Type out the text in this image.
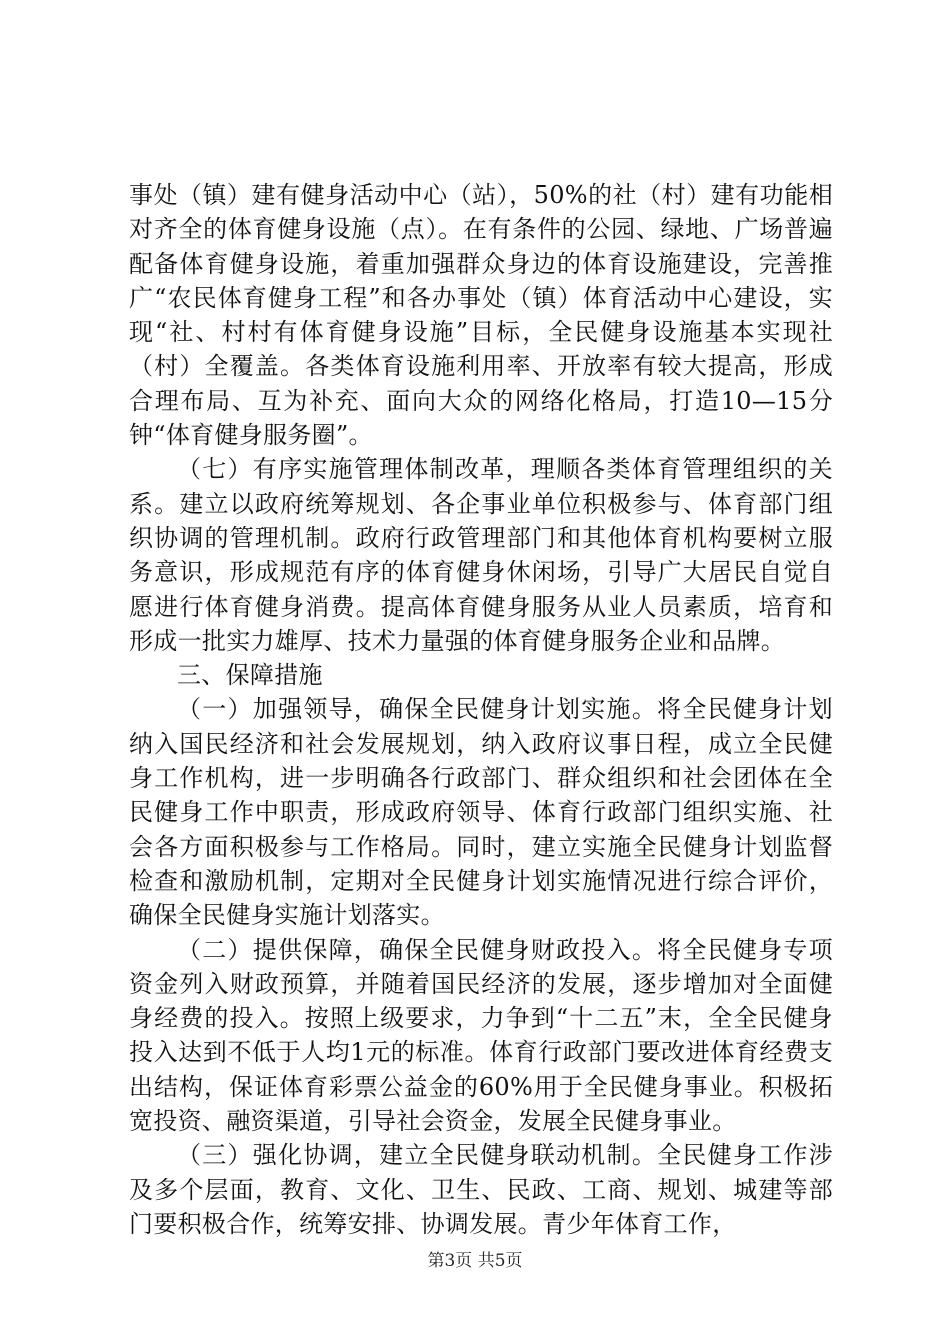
事处（镇）建有健身活动中心（站），50%的社（村）建有功能相对齐全的体育健身设施（点）。在有条件的公园、绿地、广场普遍配备体育健身设施，着重加强群众身边的体育设施建设，完善推广“农民体育健身工程”和各办事处（镇）体育活动中心建设，实现“社、村村有体育健身设施”目标，全民健身设施基本实现社（村）全覆盖。各类体育设施利用率、开放率有较大提高，形成合理布局、互为补充、面向大众的网络化格局，打造10—15分钟“体育健身服务圈”。

（七）有序实施管理体制改革，理顺各类体育管理组织的关系。建立以政府统筹规划、各企事业单位积极参与、体育部门组织协调的管理机制。政府行政管理部门和其他体育机构要树立服务意识，形成规范有序的体育健身休闲场，引导广大居民自觉自愿进行体育健身消费。提高体育健身服务从业人员素质，培育和形成一批实力雄厚、技术力量强的体育健身服务企业和品牌。

三、保障措施

（一）加强领导，确保全民健身计划实施。将全民健身计划纳入国民经济和社会发展规划，纳入政府议事日程，成立全民健身工作机构，进一步明确各行政部门、群众组织和社会团体在全民健身工作中职责，形成政府领导、体育行政部门组织实施、社会各方面积极参与工作格局。同时，建立实施全民健身计划监督检查和激励机制，定期对全民健身计划实施情况进行综合评价，确保全民健身实施计划落实。

（二）提供保障，确保全民健身财政投入。将全民健身专项资金列入财政预算，并随着国民经济的发展，逐步增加对全面健身经费的投入。按照上级要求，力争到“十二五”末，全全民健身投入达到不低于人均1元的标准。体育行政部门要改进体育经费支出结构，保证体育彩票公益金的60%用于全民健身事业。积极拓宽投资、融资渠道，引导社会资金，发展全民健身事业。

（三）强化协调，建立全民健身联动机制。全民健身工作涉及多个层面，教育、文化、卫生、民政、工商、规划、城建等部门要积极合作，统筹安排、协调发展。青少年体育工作，

第3页 共5页
